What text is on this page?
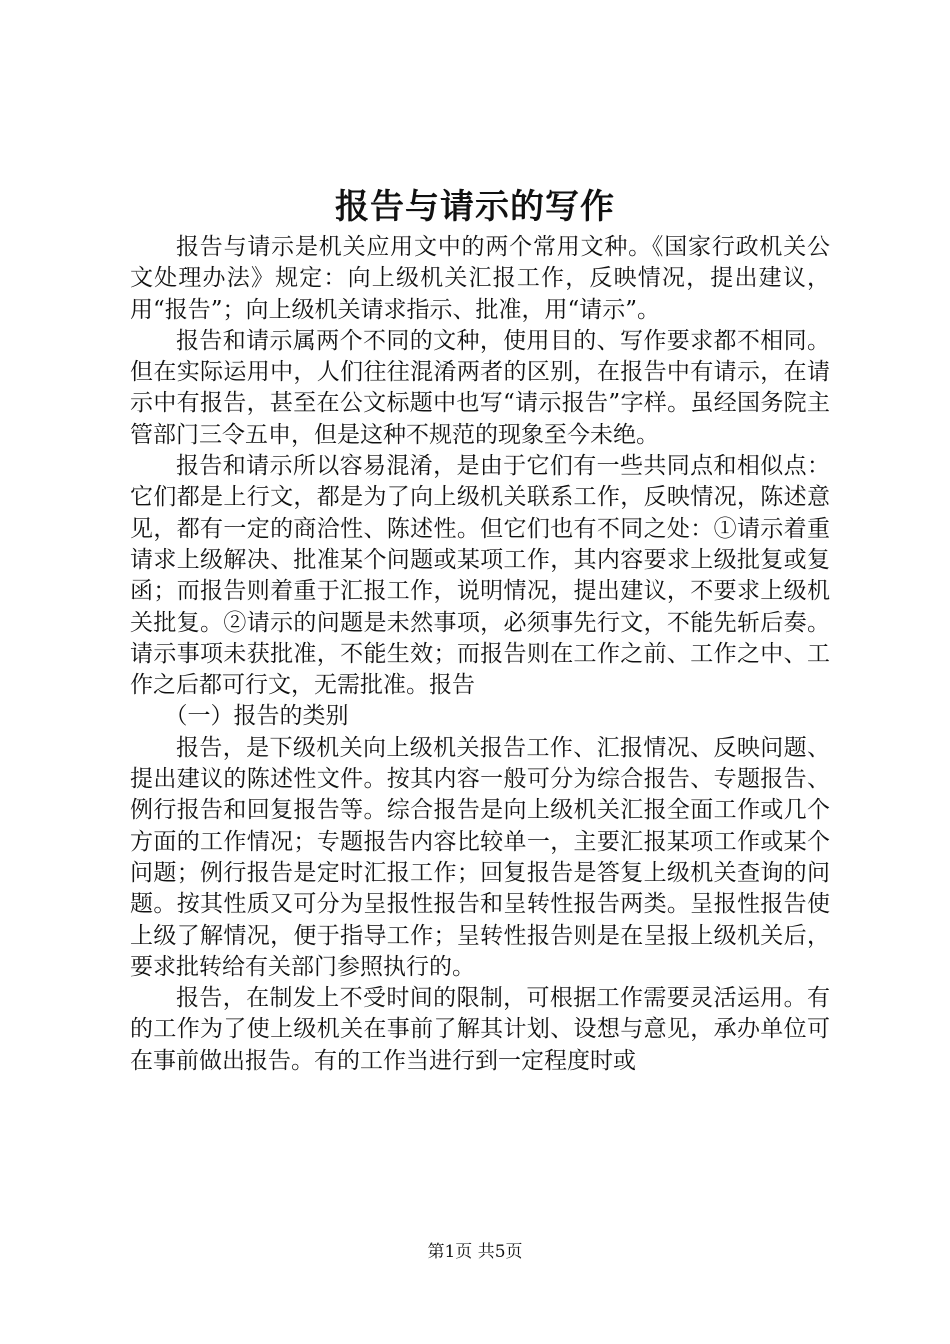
报告与请示的写作

报告与请示是机关应用文中的两个常用文种。《国家行政机关公文处理办法》规定：向上级机关汇报工作，反映情况，提出建议，用“报告”；向上级机关请求指示、批准，用“请示”。

报告和请示属两个不同的文种，使用目的、写作要求都不相同。但在实际运用中，人们往往混淆两者的区别，在报告中有请示，在请示中有报告，甚至在公文标题中也写“请示报告”字样。虽经国务院主管部门三令五申，但是这种不规范的现象至今未绝。

报告和请示所以容易混淆，是由于它们有一些共同点和相似点：它们都是上行文，都是为了向上级机关联系工作，反映情况，陈述意见，都有一定的商洽性、陈述性。但它们也有不同之处：①请示着重请求上级解决、批准某个问题或某项工作，其内容要求上级批复或复函；而报告则着重于汇报工作，说明情况，提出建议，不要求上级机关批复。②请示的问题是未然事项，必须事先行文，不能先斩后奏。请示事项未获批准，不能生效；而报告则在工作之前、工作之中、工作之后都可行文，无需批准。报告

（一）报告的类别

报告，是下级机关向上级机关报告工作、汇报情况、反映问题、提出建议的陈述性文件。按其内容一般可分为综合报告、专题报告、例行报告和回复报告等。综合报告是向上级机关汇报全面工作或几个方面的工作情况；专题报告内容比较单一，主要汇报某项工作或某个问题；例行报告是定时汇报工作；回复报告是答复上级机关查询的问题。按其性质又可分为呈报性报告和呈转性报告两类。呈报性报告使上级了解情况，便于指导工作；呈转性报告则是在呈报上级机关后，要求批转给有关部门参照执行的。

报告，在制发上不受时间的限制，可根据工作需要灵活运用。有的工作为了使上级机关在事前了解其计划、设想与意见，承办单位可在事前做出报告。有的工作当进行到一定程度时或

第1页 共5页
